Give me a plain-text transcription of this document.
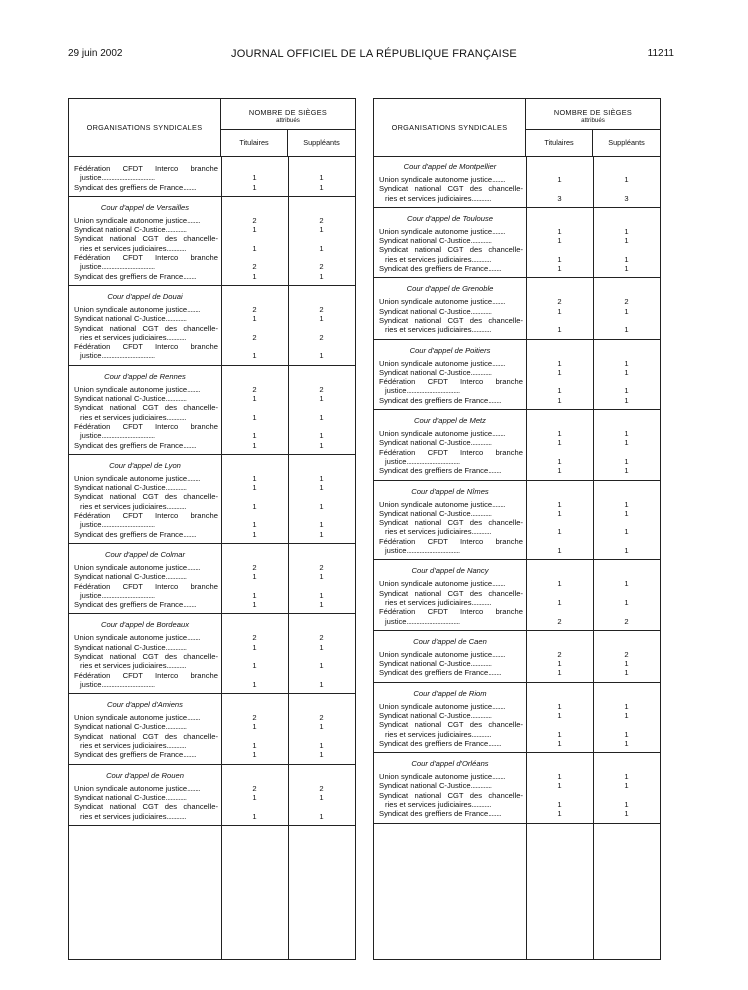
29 juin 2002	JOURNAL OFFICIEL DE LA RÉPUBLIQUE FRANÇAISE	11211
ORGANISATIONS SYNDICALES
NOMBRE DE SIÈGES
attribués
Titulaires	Suppléants
Fédération CFDT Interco branche
justice.................................	1	1
Syndicat des greffiers de France........	1	1
Cour d'appel de Versailles
Union syndicale autonome justice........	2	2
Syndicat national C-Justice.............	1	1
Syndicat national CGT des chancelle-
ries et services judiciaires............	1	1
Fédération CFDT Interco branche
justice.................................	2	2
Syndicat des greffiers de France........	1	1
Cour d'appel de Douai
Union syndicale autonome justice........	2	2
Syndicat national C-Justice.............	1	1
Syndicat national CGT des chancelle-
ries et services judiciaires............	2	2
Fédération CFDT Interco branche
justice.................................	1	1
Cour d'appel de Rennes
Union syndicale autonome justice........	2	2
Syndicat national C-Justice.............	1	1
Syndicat national CGT des chancelle-
ries et services judiciaires............	1	1
Fédération CFDT Interco branche
justice.................................	1	1
Syndicat des greffiers de France........	1	1
Cour d'appel de Lyon
Union syndicale autonome justice........	1	1
Syndicat national C-Justice.............	1	1
Syndicat national CGT des chancelle-
ries et services judiciaires............	1	1
Fédération CFDT Interco branche
justice.................................	1	1
Syndicat des greffiers de France........	1	1
Cour d'appel de Colmar
Union syndicale autonome justice........	2	2
Syndicat national C-Justice.............	1	1
Fédération CFDT Interco branche
justice.................................	1	1
Syndicat des greffiers de France........	1	1
Cour d'appel de Bordeaux
Union syndicale autonome justice........	2	2
Syndicat national C-Justice.............	1	1
Syndicat national CGT des chancelle-
ries et services judiciaires............	1	1
Fédération CFDT Interco branche
justice.................................	1	1
Cour d'appel d'Amiens
Union syndicale autonome justice........	2	2
Syndicat national C-Justice.............	1	1
Syndicat national CGT des chancelle-
ries et services judiciaires............	1	1
Syndicat des greffiers de France........	1	1
Cour d'appel de Rouen
Union syndicale autonome justice........	2	2
Syndicat national C-Justice.............	1	1
Syndicat national CGT des chancelle-
ries et services judiciaires............	1	1
ORGANISATIONS SYNDICALES
NOMBRE DE SIÈGES
attribués
Titulaires	Suppléants
Cour d'appel de Montpellier
Union syndicale autonome justice........	1	1
Syndicat national CGT des chancelle-
ries et services judiciaires............	3	3
Cour d'appel de Toulouse
Union syndicale autonome justice........	1	1
Syndicat national C-Justice.............	1	1
Syndicat national CGT des chancelle-
ries et services judiciaires............	1	1
Syndicat des greffiers de France........	1	1
Cour d'appel de Grenoble
Union syndicale autonome justice........	2	2
Syndicat national C-Justice.............	1	1
Syndicat national CGT des chancelle-
ries et services judiciaires............	1	1
Cour d'appel de Poitiers
Union syndicale autonome justice........	1	1
Syndicat national C-Justice.............	1	1
Fédération CFDT Interco branche
justice.................................	1	1
Syndicat des greffiers de France........	1	1
Cour d'appel de Metz
Union syndicale autonome justice........	1	1
Syndicat national C-Justice.............	1	1
Fédération CFDT Interco branche
justice.................................	1	1
Syndicat des greffiers de France........	1	1
Cour d'appel de Nîmes
Union syndicale autonome justice........	1	1
Syndicat national C-Justice.............	1	1
Syndicat national CGT des chancelle-
ries et services judiciaires............	1	1
Fédération CFDT Interco branche
justice.................................	1	1
Cour d'appel de Nancy
Union syndicale autonome justice........	1	1
Syndicat national CGT des chancelle-
ries et services judiciaires............	1	1
Fédération CFDT Interco branche
justice.................................	2	2
Cour d'appel de Caen
Union syndicale autonome justice........	2	2
Syndicat national C-Justice.............	1	1
Syndicat des greffiers de France........	1	1
Cour d'appel de Riom
Union syndicale autonome justice........	1	1
Syndicat national C-Justice.............	1	1
Syndicat national CGT des chancelle-
ries et services judiciaires............	1	1
Syndicat des greffiers de France........	1	1
Cour d'appel d'Orléans
Union syndicale autonome justice........	1	1
Syndicat national C-Justice.............	1	1
Syndicat national CGT des chancelle-
ries et services judiciaires............	1	1
Syndicat des greffiers de France........	1	1
